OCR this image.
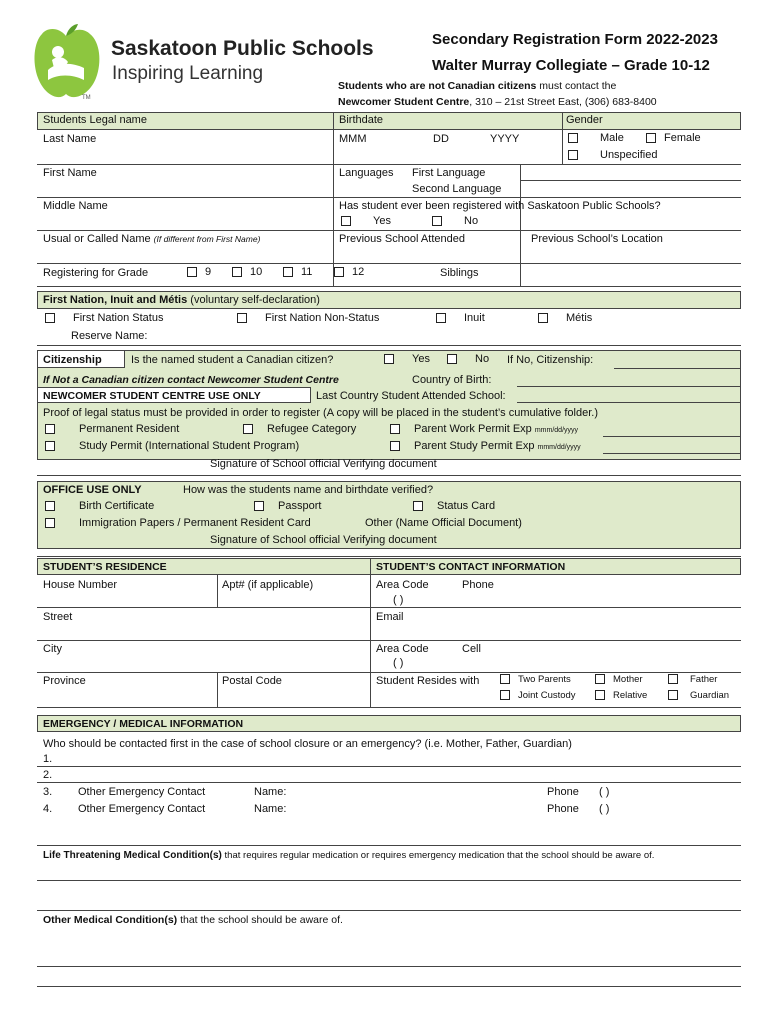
Saskatoon Public Schools
Inspiring Learning
TM
Secondary Registration Form 2022-2023
Walter Murray Collegiate – Grade 10-12
Students who are not Canadian citizens must contact the
Newcomer Student Centre, 310 – 21st Street East, (306) 683-8400
Students Legal name	Birthdate	Gender
Last Name	MMM	DD	YYYY	Male	Female
Unspecified
First Name	Languages First Language
Second Language
Middle Name	Has student ever been registered with Saskatoon Public Schools?
Yes	No
Usual or Called Name (If different from First Name)	Previous School Attended	Previous School’s Location
Registering for Grade	9	10	11	12	Siblings
First Nation, Inuit and Métis (voluntary self-declaration)
First Nation Status	First Nation Non-Status	Inuit	Métis
Reserve Name:
Citizenship	Is the named student a Canadian citizen?	Yes	No If No, Citizenship:
If Not a Canadian citizen contact Newcomer Student Centre	Country of Birth:
NEWCOMER STUDENT CENTRE USE ONLY	Last Country Student Attended School:
Proof of legal status must be provided in order to register (A copy will be placed in the student’s cumulative folder.)
Permanent Resident	Refugee Category	Parent Work Permit Exp mmm/dd/yyyy
Study Permit (International Student Program)	Parent Study Permit Exp mmm/dd/yyyy
Signature of School official Verifying document
OFFICE USE ONLY	How was the students name and birthdate verified?
Birth Certificate	Passport	Status Card
Immigration Papers / Permanent Resident Card	Other (Name Official Document)
Signature of School official Verifying document
STUDENT’S RESIDENCE	STUDENT’S CONTACT INFORMATION
House Number	Apt# (if applicable)	Area Code	Phone
( )
Street	Email
City	Area Code	Cell
( )
Province	Postal Code	Student Resides with	Two Parents	Mother	Father
Joint Custody	Relative	Guardian
EMERGENCY / MEDICAL INFORMATION
Who should be contacted first in the case of school closure or an emergency? (i.e. Mother, Father, Guardian)
1.
2.
3. Other Emergency Contact	Name:	Phone ( )
4. Other Emergency Contact	Name:	Phone ( )
Life Threatening Medical Condition(s) that requires regular medication or requires emergency medication that the school should be aware of.
Other Medical Condition(s) that the school should be aware of.
